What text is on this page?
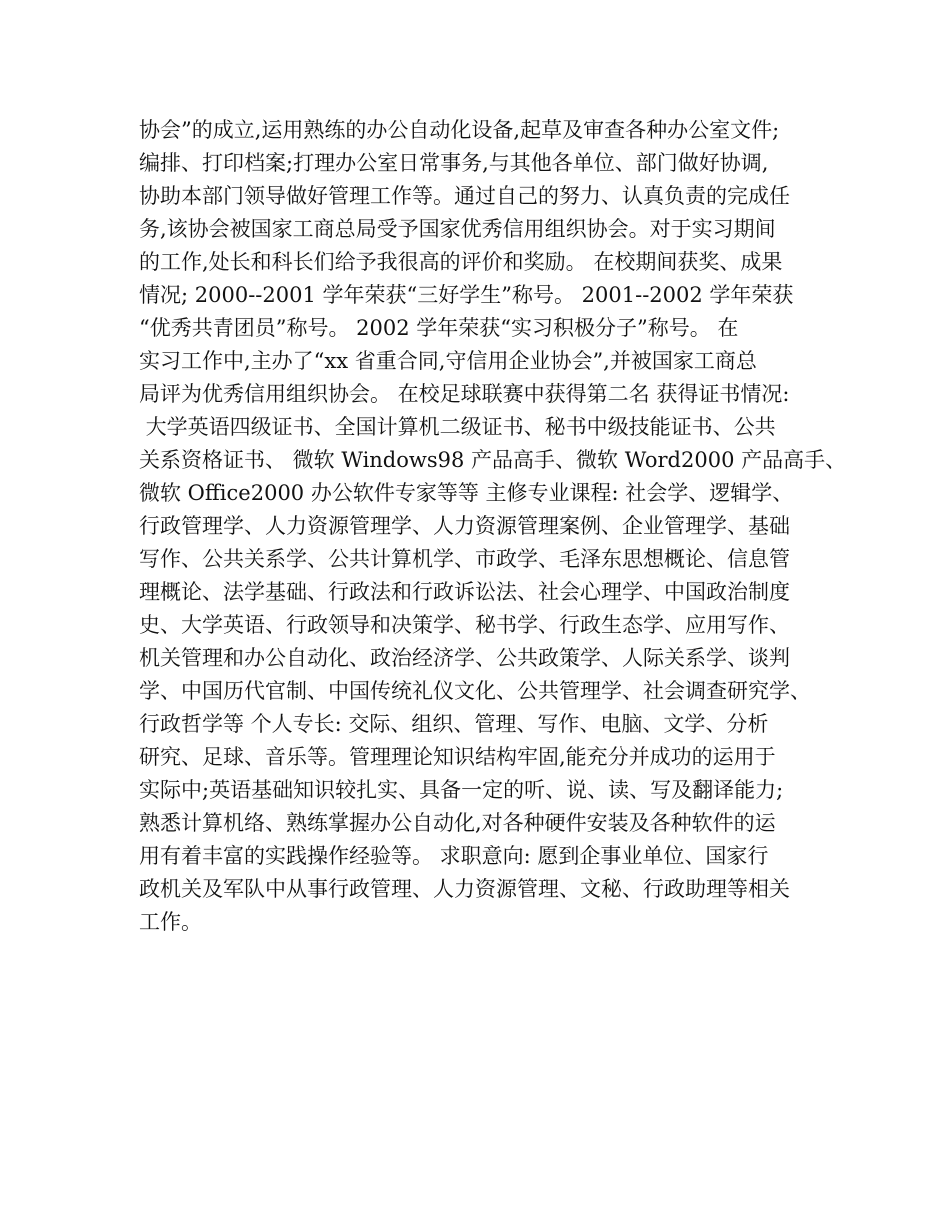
协会”的成立,运用熟练的办公自动化设备,起草及审查各种办公室文件;
编排、打印档案;打理办公室日常事务,与其他各单位、部门做好协调,
协助本部门领导做好管理工作等。通过自己的努力、认真负责的完成任
务,该协会被国家工商总局受予国家优秀信用组织协会。对于实习期间
的工作,处长和科长们给予我很高的评价和奖励。 在校期间获奖、成果
情况; 2000--2001 学年荣获“三好学生”称号。 2001--2002 学年荣获
“优秀共青团员”称号。 2002 学年荣获“实习积极分子”称号。 在
实习工作中,主办了“xx 省重合同,守信用企业协会”,并被国家工商总
局评为优秀信用组织协会。 在校足球联赛中获得第二名 获得证书情况:
大学英语四级证书、全国计算机二级证书、秘书中级技能证书、公共
关系资格证书、 微软 Windows98 产品高手、微软 Word2000 产品高手、
微软 Office2000 办公软件专家等等 主修专业课程: 社会学、逻辑学、
行政管理学、人力资源管理学、人力资源管理案例、企业管理学、基础
写作、公共关系学、公共计算机学、市政学、毛泽东思想概论、信息管
理概论、法学基础、行政法和行政诉讼法、社会心理学、中国政治制度
史、大学英语、行政领导和决策学、秘书学、行政生态学、应用写作、
机关管理和办公自动化、政治经济学、公共政策学、人际关系学、谈判
学、中国历代官制、中国传统礼仪文化、公共管理学、社会调查研究学、
行政哲学等 个人专长: 交际、组织、管理、写作、电脑、文学、分析
研究、足球、音乐等。管理理论知识结构牢固,能充分并成功的运用于
实际中;英语基础知识较扎实、具备一定的听、说、读、写及翻译能力;
熟悉计算机络、熟练掌握办公自动化,对各种硬件安装及各种软件的运
用有着丰富的实践操作经验等。 求职意向: 愿到企事业单位、国家行
政机关及军队中从事行政管理、人力资源管理、文秘、行政助理等相关
工作。
